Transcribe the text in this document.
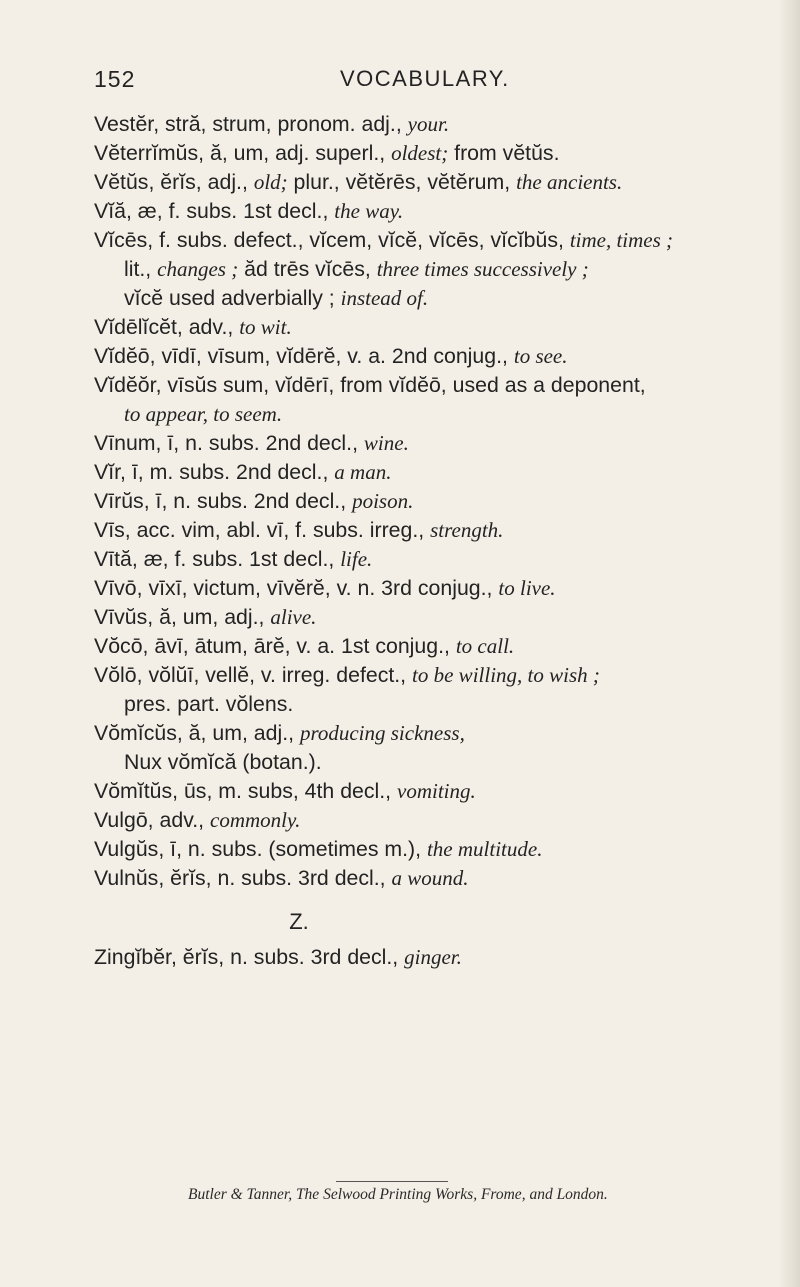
152	VOCABULARY.
Vestĕr, stră, strum, pronom. adj., your.
Vĕterrĭmŭs, ă, um, adj. superl., oldest; from vĕtŭs.
Vĕtŭs, ĕrĭs, adj., old; plur., vĕtĕrēs, vĕtĕrum, the ancients.
Vĭă, æ, f. subs. 1st decl., the way.
Vĭcēs, f. subs. defect., vĭcem, vĭcĕ, vĭcēs, vĭcĭbŭs, time, times ;
lit., changes ; ăd trēs vĭcēs, three times successively ;
vĭcĕ used adverbially ; instead of.
Vĭdēlĭcĕt, adv., to wit.
Vĭdĕō, vīdī, vīsum, vĭdērĕ, v. a. 2nd conjug., to see.
Vĭdĕŏr, vīsŭs sum, vĭdērī, from vĭdĕō, used as a deponent,
to appear, to seem.
Vīnum, ī, n. subs. 2nd decl., wine.
Vĭr, ī, m. subs. 2nd decl., a man.
Vīrŭs, ī, n. subs. 2nd decl., poison.
Vīs, acc. vim, abl. vī, f. subs. irreg., strength.
Vītă, æ, f. subs. 1st decl., life.
Vīvō, vīxī, victum, vīvĕrĕ, v. n. 3rd conjug., to live.
Vīvŭs, ă, um, adj., alive.
Vŏcō, āvī, ātum, ārĕ, v. a. 1st conjug., to call.
Vŏlō, vŏlŭī, vellĕ, v. irreg. defect., to be willing, to wish ;
pres. part. vŏlens.
Vŏmĭcŭs, ă, um, adj., producing sickness,
Nux vŏmĭcă (botan.).
Vŏmĭtŭs, ūs, m. subs, 4th decl., vomiting.
Vulgō, adv., commonly.
Vulgŭs, ī, n. subs. (sometimes m.), the multitude.
Vulnŭs, ĕrĭs, n. subs. 3rd decl., a wound.
Z.
Zingĭbĕr, ĕrĭs, n. subs. 3rd decl., ginger.
Butler & Tanner, The Selwood Printing Works, Frome, and London.
